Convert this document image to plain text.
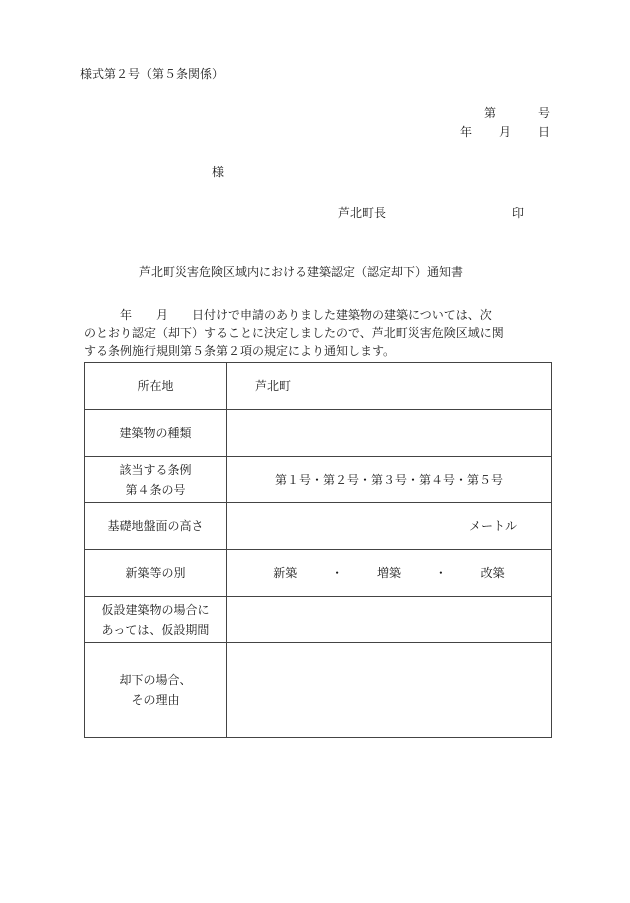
様式第２号（第５条関係）
第	号
年 月 日
様
芦北町長	印
芦北町災害危険区域内における建築認定（認定却下）通知書

年　　月　　日付けで申請のありました建築物の建築については、次

のとおり認定（却下）することに決定しましたので、芦北町災害危険区域に関

する条例施行規則第５条第２項の規定により通知します。

所在地	芦北町
建築物の種類	

該当する条例
第４条の号	第１号・第２号・第３号・第４号・第５号
基礎地盤面の高さ	メートル
新築等の別	新築 ・ 増築 ・ 改築

仮設建築物の場合に
あっては、仮設期間	

却下の場合、
その理由	
